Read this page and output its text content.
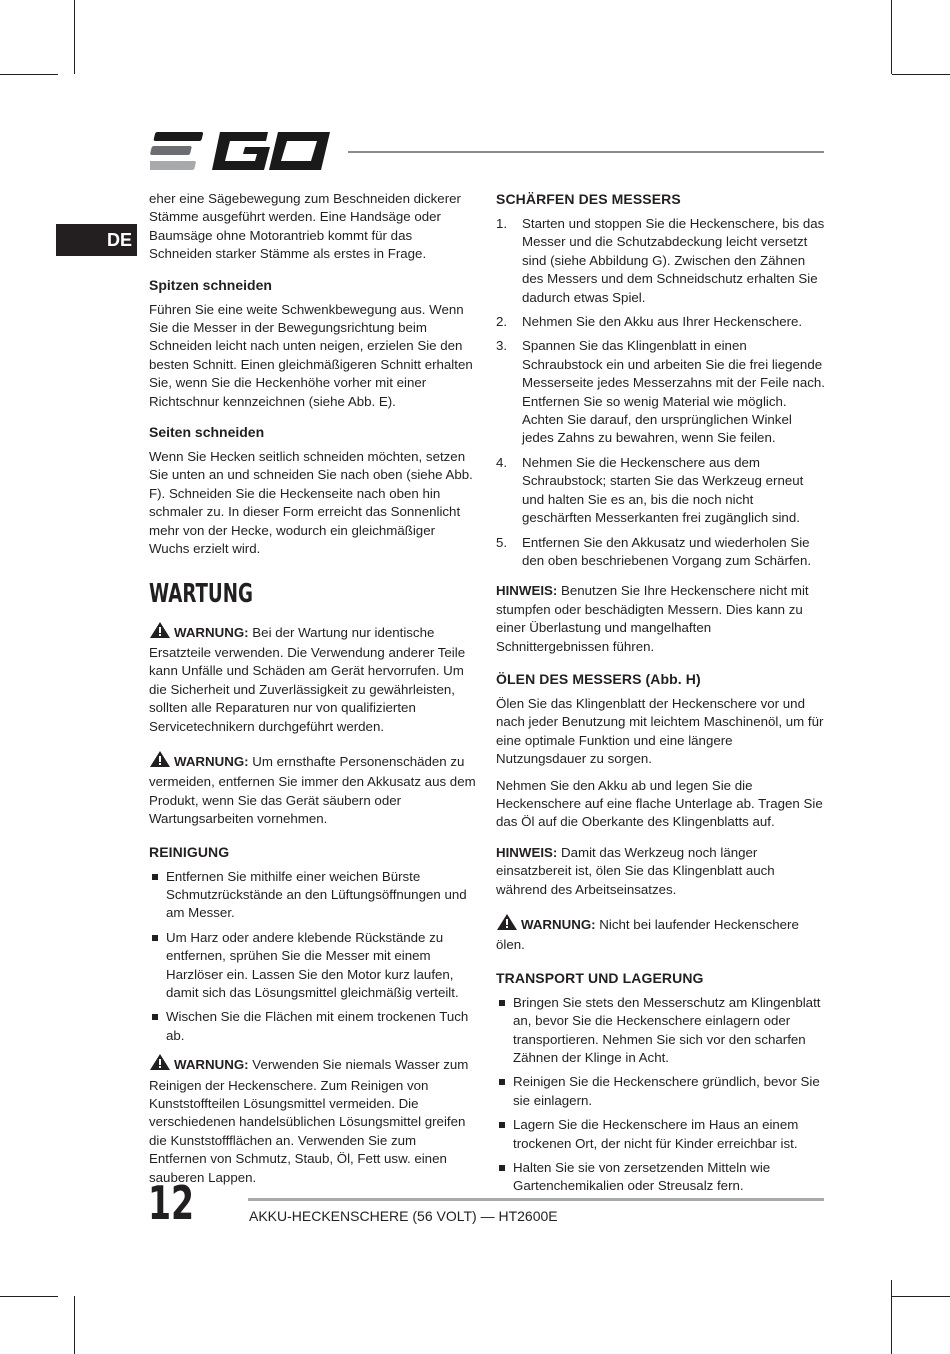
DE

eher eine Sägebewegung zum Beschneiden dickerer Stämme ausgeführt werden. Eine Handsäge oder Baumsäge ohne Motorantrieb kommt für das Schneiden starker Stämme als erstes in Frage.

Spitzen schneiden

Führen Sie eine weite Schwenkbewegung aus. Wenn Sie die Messer in der Bewegungsrichtung beim Schneiden leicht nach unten neigen, erzielen Sie den besten Schnitt. Einen gleichmäßigeren Schnitt erhalten Sie, wenn Sie die Heckenhöhe vorher mit einer Richtschnur kennzeichnen (siehe Abb. E).

Seiten schneiden

Wenn Sie Hecken seitlich schneiden möchten, setzen Sie unten an und schneiden Sie nach oben (siehe Abb. F). Schneiden Sie die Heckenseite nach oben hin schmaler zu. In dieser Form erreicht das Sonnenlicht mehr von der Hecke, wodurch ein gleichmäßiger Wuchs erzielt wird.

WARTUNG

WARNUNG: Bei der Wartung nur identische Ersatzteile verwenden. Die Verwendung anderer Teile kann Unfälle und Schäden am Gerät hervorrufen. Um die Sicherheit und Zuverlässigkeit zu gewährleisten, sollten alle Reparaturen nur von qualifizierten Servicetechnikern durchgeführt werden.

WARNUNG: Um ernsthafte Personenschäden zu vermeiden, entfernen Sie immer den Akkusatz aus dem Produkt, wenn Sie das Gerät säubern oder Wartungsarbeiten vornehmen.

REINIGUNG
Entfernen Sie mithilfe einer weichen Bürste Schmutzrückstände an den Lüftungsöffnungen und am Messer.
Um Harz oder andere klebende Rückstände zu entfernen, sprühen Sie die Messer mit einem Harzlöser ein. Lassen Sie den Motor kurz laufen, damit sich das Lösungsmittel gleichmäßig verteilt.
Wischen Sie die Flächen mit einem trockenen Tuch ab.

WARNUNG: Verwenden Sie niemals Wasser zum Reinigen der Heckenschere. Zum Reinigen von Kunststoffteilen Lösungsmittel vermeiden. Die verschiedenen handelsüblichen Lösungsmittel greifen die Kunststoffflächen an. Verwenden Sie zum Entfernen von Schmutz, Staub, Öl, Fett usw. einen sauberen Lappen.

SCHÄRFEN DES MESSERS
1. Starten und stoppen Sie die Heckenschere, bis das Messer und die Schutzabdeckung leicht versetzt sind (siehe Abbildung G). Zwischen den Zähnen des Messers und dem Schneidschutz erhalten Sie dadurch etwas Spiel.
2. Nehmen Sie den Akku aus Ihrer Heckenschere.
3. Spannen Sie das Klingenblatt in einen Schraubstock ein und arbeiten Sie die frei liegende Messerseite jedes Messerzahns mit der Feile nach. Entfernen Sie so wenig Material wie möglich. Achten Sie darauf, den ursprünglichen Winkel jedes Zahns zu bewahren, wenn Sie feilen.
4. Nehmen Sie die Heckenschere aus dem Schraubstock; starten Sie das Werkzeug erneut und halten Sie es an, bis die noch nicht geschärften Messerkanten frei zugänglich sind.
5. Entfernen Sie den Akkusatz und wiederholen Sie den oben beschriebenen Vorgang zum Schärfen.

HINWEIS: Benutzen Sie Ihre Heckenschere nicht mit stumpfen oder beschädigten Messern. Dies kann zu einer Überlastung und mangelhaften Schnittergebnissen führen.

ÖLEN DES MESSERS (Abb. H)

Ölen Sie das Klingenblatt der Heckenschere vor und nach jeder Benutzung mit leichtem Maschinenöl, um für eine optimale Funktion und eine längere Nutzungsdauer zu sorgen.

Nehmen Sie den Akku ab und legen Sie die Heckenschere auf eine flache Unterlage ab. Tragen Sie das Öl auf die Oberkante des Klingenblatts auf.

HINWEIS: Damit das Werkzeug noch länger einsatzbereit ist, ölen Sie das Klingenblatt auch während des Arbeitseinsatzes.

WARNUNG: Nicht bei laufender Heckenschere ölen.

TRANSPORT UND LAGERUNG
Bringen Sie stets den Messerschutz am Klingenblatt an, bevor Sie die Heckenschere einlagern oder transportieren. Nehmen Sie sich vor den scharfen Zähnen der Klinge in Acht.
Reinigen Sie die Heckenschere gründlich, bevor Sie sie einlagern.
Lagern Sie die Heckenschere im Haus an einem trockenen Ort, der nicht für Kinder erreichbar ist.
Halten Sie sie von zersetzenden Mitteln wie Gartenchemikalien oder Streusalz fern.
12	AKKU-HECKENSCHERE (56 VOLT) — HT2600E
